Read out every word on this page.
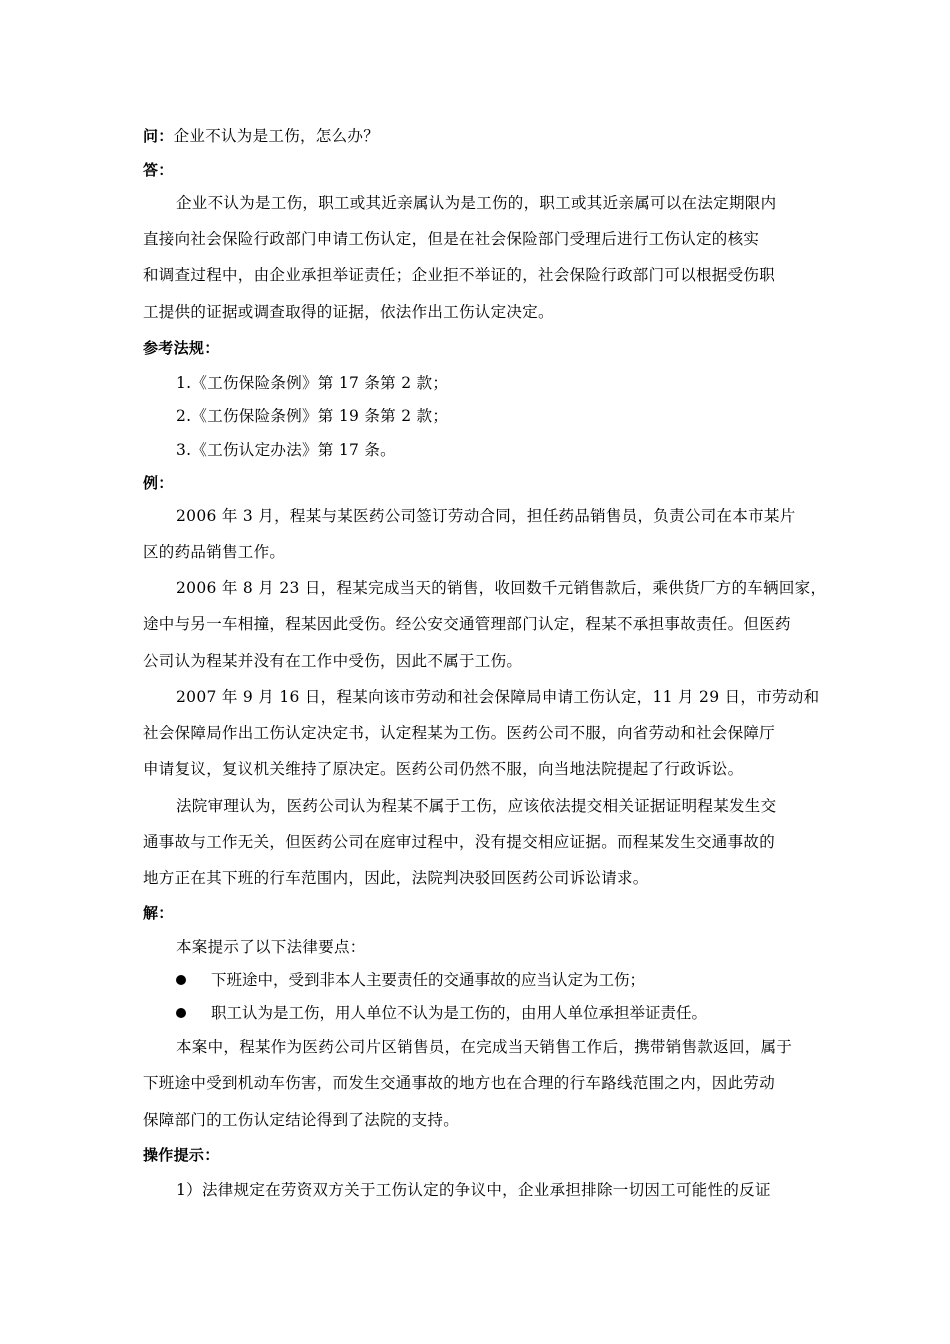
问：企业不认为是工伤，怎么办？
答：
企业不认为是工伤，职工或其近亲属认为是工伤的，职工或其近亲属可以在法定期限内
直接向社会保险行政部门申请工伤认定，但是在社会保险部门受理后进行工伤认定的核实
和调查过程中，由企业承担举证责任；企业拒不举证的，社会保险行政部门可以根据受伤职
工提供的证据或调查取得的证据，依法作出工伤认定决定。
参考法规：
1.《工伤保险条例》第 17 条第 2 款；
2.《工伤保险条例》第 19 条第 2 款；
3.《工伤认定办法》第 17 条。
例：
2006 年 3 月，程某与某医药公司签订劳动合同，担任药品销售员，负责公司在本市某片
区的药品销售工作。
2006 年 8 月 23 日，程某完成当天的销售，收回数千元销售款后，乘供货厂方的车辆回家，
途中与另一车相撞，程某因此受伤。经公安交通管理部门认定，程某不承担事故责任。但医药
公司认为程某并没有在工作中受伤，因此不属于工伤。
2007 年 9 月 16 日，程某向该市劳动和社会保障局申请工伤认定，11 月 29 日，市劳动和
社会保障局作出工伤认定决定书，认定程某为工伤。医药公司不服，向省劳动和社会保障厅
申请复议，复议机关维持了原决定。医药公司仍然不服，向当地法院提起了行政诉讼。
法院审理认为，医药公司认为程某不属于工伤，应该依法提交相关证据证明程某发生交
通事故与工作无关，但医药公司在庭审过程中，没有提交相应证据。而程某发生交通事故的
地方正在其下班的行车范围内，因此，法院判决驳回医药公司诉讼请求。
解：
本案提示了以下法律要点：
下班途中，受到非本人主要责任的交通事故的应当认定为工伤；
职工认为是工伤，用人单位不认为是工伤的，由用人单位承担举证责任。
本案中，程某作为医药公司片区销售员，在完成当天销售工作后，携带销售款返回，属于
下班途中受到机动车伤害，而发生交通事故的地方也在合理的行车路线范围之内，因此劳动
保障部门的工伤认定结论得到了法院的支持。
操作提示：
1）法律规定在劳资双方关于工伤认定的争议中，企业承担排除一切因工可能性的反证
